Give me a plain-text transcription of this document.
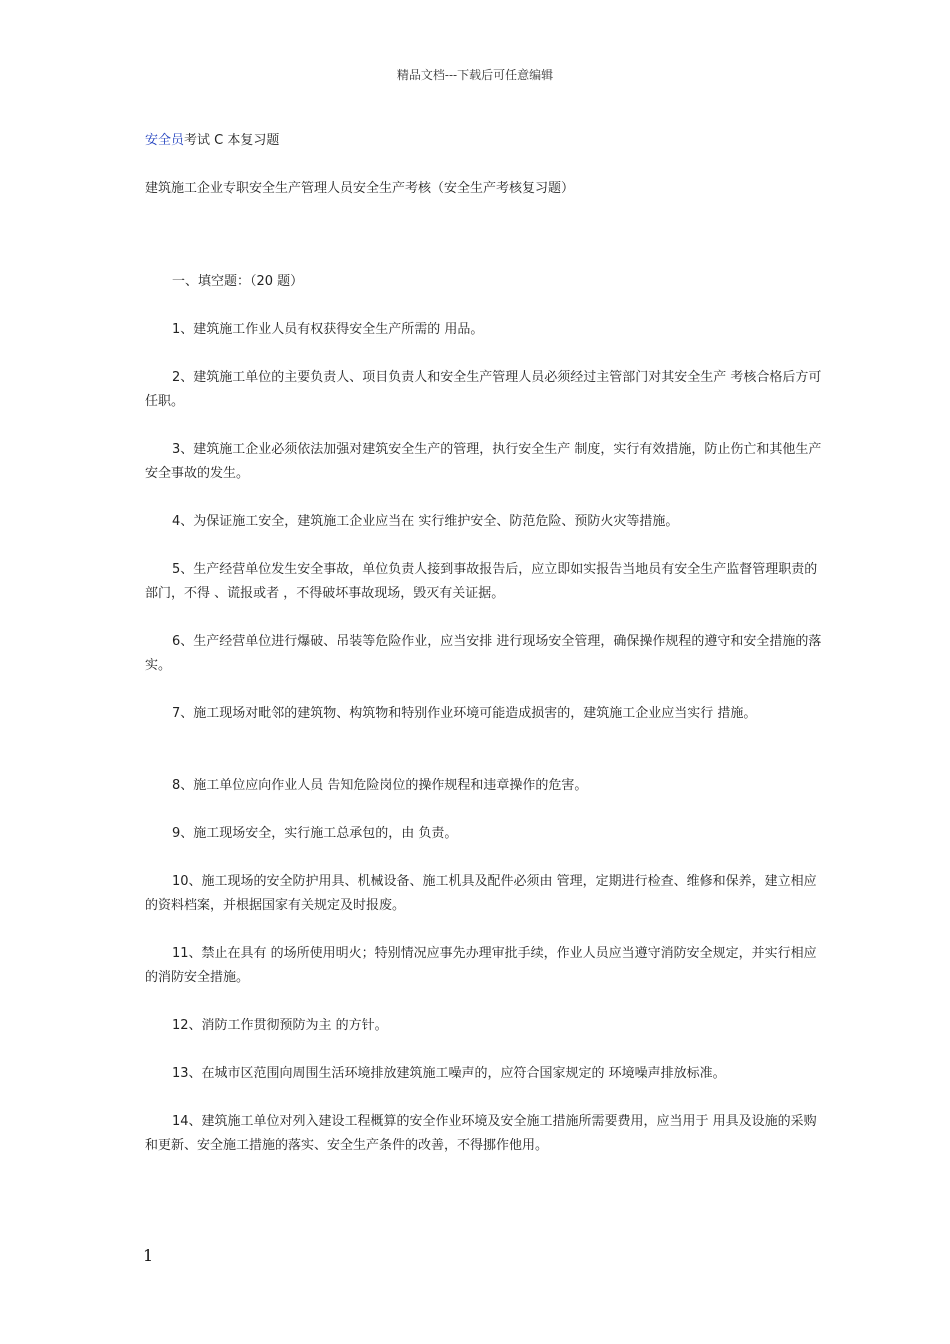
精品文档---下载后可任意编辑
安全员考试 C 本复习题
建筑施工企业专职安全生产管理人员安全生产考核（安全生产考核复习题）

一、填空题：（20 题）

1、建筑施工作业人员有权获得安全生产所需的 用品。

2、建筑施工单位的主要负责人、项目负责人和安全生产管理人员必须经过主管部门对其安全生产 考核合格后方可任职。

3、建筑施工企业必须依法加强对建筑安全生产的管理，执行安全生产 制度，实行有效措施，防止伤亡和其他生产安全事故的发生。

4、为保证施工安全，建筑施工企业应当在 实行维护安全、防范危险、预防火灾等措施。

5、生产经营单位发生安全事故，单位负责人接到事故报告后，应立即如实报告当地员有安全生产监督管理职责的部门，不得 、谎报或者 ，不得破坏事故现场，毁灭有关证据。

6、生产经营单位进行爆破、吊装等危险作业，应当安排 进行现场安全管理，确保操作规程的遵守和安全措施的落实。

7、施工现场对毗邻的建筑物、构筑物和特别作业环境可能造成损害的，建筑施工企业应当实行 措施。

8、施工单位应向作业人员 告知危险岗位的操作规程和违章操作的危害。

9、施工现场安全，实行施工总承包的，由 负责。

10、施工现场的安全防护用具、机械设备、施工机具及配件必须由 管理，定期进行检查、维修和保养，建立相应的资料档案，并根据国家有关规定及时报废。

11、禁止在具有 的场所使用明火；特别情况应事先办理审批手续，作业人员应当遵守消防安全规定，并实行相应的消防安全措施。

12、消防工作贯彻预防为主 的方针。

13、在城市区范围向周围生活环境排放建筑施工噪声的，应符合国家规定的 环境噪声排放标准。

14、建筑施工单位对列入建设工程概算的安全作业环境及安全施工措施所需要费用，应当用于 用具及设施的采购和更新、安全施工措施的落实、安全生产条件的改善，不得挪作他用。

1
